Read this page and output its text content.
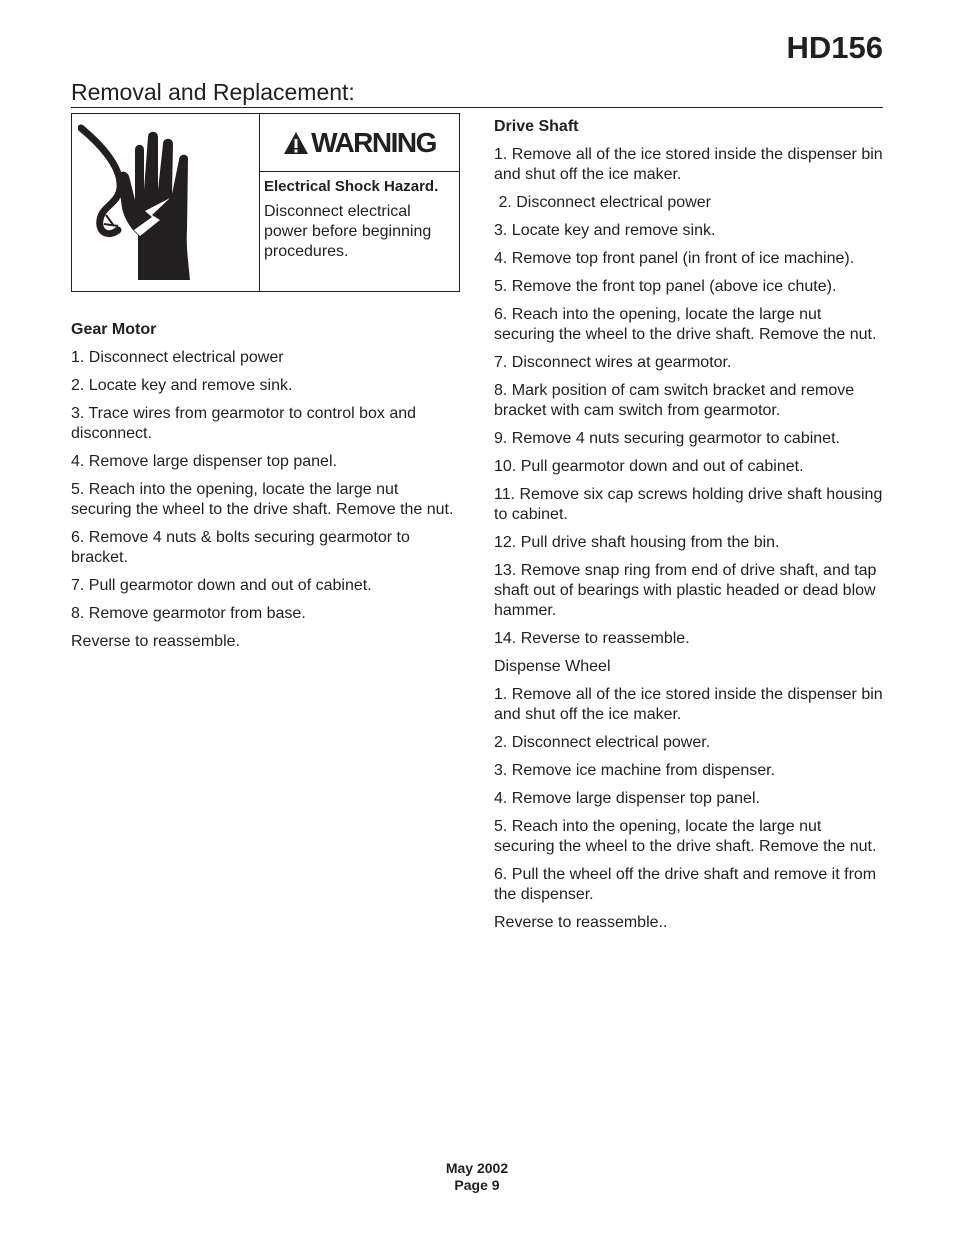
HD156
Removal and Replacement:
WARNING
Electrical Shock Hazard.
Disconnect electrical power before beginning procedures.
Gear Motor

1. Disconnect electrical power

2. Locate key and remove sink.

3. Trace wires from gearmotor to control box and disconnect.

4. Remove large dispenser top panel.

5. Reach into the opening, locate the large nut securing the wheel to the drive shaft. Remove the nut.

6. Remove 4 nuts & bolts securing gearmotor to bracket.

7. Pull gearmotor down and out of cabinet.

8. Remove gearmotor from base.

Reverse to reassemble.

Drive Shaft

1. Remove all of the ice stored inside the dispenser bin and shut off the ice maker.

2. Disconnect electrical power

3. Locate key and remove sink.

4. Remove top front panel (in front of ice machine).

5. Remove the front top panel (above ice chute).

6. Reach into the opening, locate the large nut securing the wheel to the drive shaft. Remove the nut.

7. Disconnect wires at gearmotor.

8. Mark position of cam switch bracket and remove bracket with cam switch from gearmotor.

9. Remove 4 nuts securing gearmotor to cabinet.

10. Pull gearmotor down and out of cabinet.

11. Remove six cap screws holding drive shaft housing to cabinet.

12. Pull drive shaft housing from the bin.

13. Remove snap ring from end of drive shaft, and tap shaft out of bearings with plastic headed or dead blow hammer.

14. Reverse to reassemble.

Dispense Wheel

1. Remove all of the ice stored inside the dispenser bin and shut off the ice maker.

2. Disconnect electrical power.

3. Remove ice machine from dispenser.

4. Remove large dispenser top panel.

5. Reach into the opening, locate the large nut securing the wheel to the drive shaft. Remove the nut.

6. Pull the wheel off the drive shaft and remove it from the dispenser.

Reverse to reassemble..

May 2002
Page 9
